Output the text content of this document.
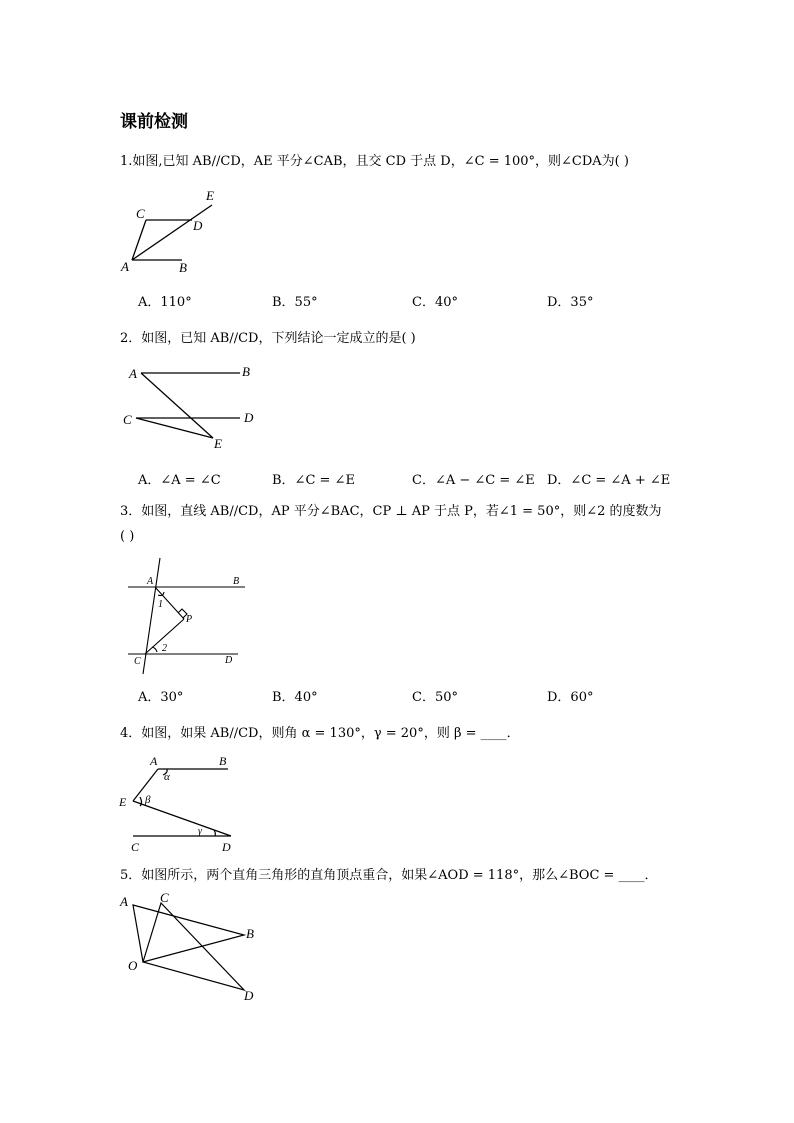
课前检测
1.如图,已知 AB//CD，AE 平分∠CAB，且交 CD 于点 D，∠C = 100°，则∠CDA为( )
A	B
C
D
E
A．110°	B．55°	C．40°	D．35°
2．如图，已知 AB//CD，下列结论一定成立的是( )
A	B
C	D
E
A．∠A = ∠C	B．∠C = ∠E	C．∠A − ∠C = ∠E D．∠C = ∠A + ∠E
3．如图，直线 AB//CD，AP 平分∠BAC，CP ⊥ AP 于点 P，若∠1 = 50°，则∠2 的度数为
( )
A	B
C	D
P
1
2
A．30°	B．40°	C．50°	D．60°
4．如图，如果 AB//CD，则角 α = 130°，γ = 20°，则 β = ____．
A	B
E
C	D
α
β
γ
5．如图所示，两个直角三角形的直角顶点重合，如果∠AOD = 118°，那么∠BOC = ____．
A C
B
O
D
